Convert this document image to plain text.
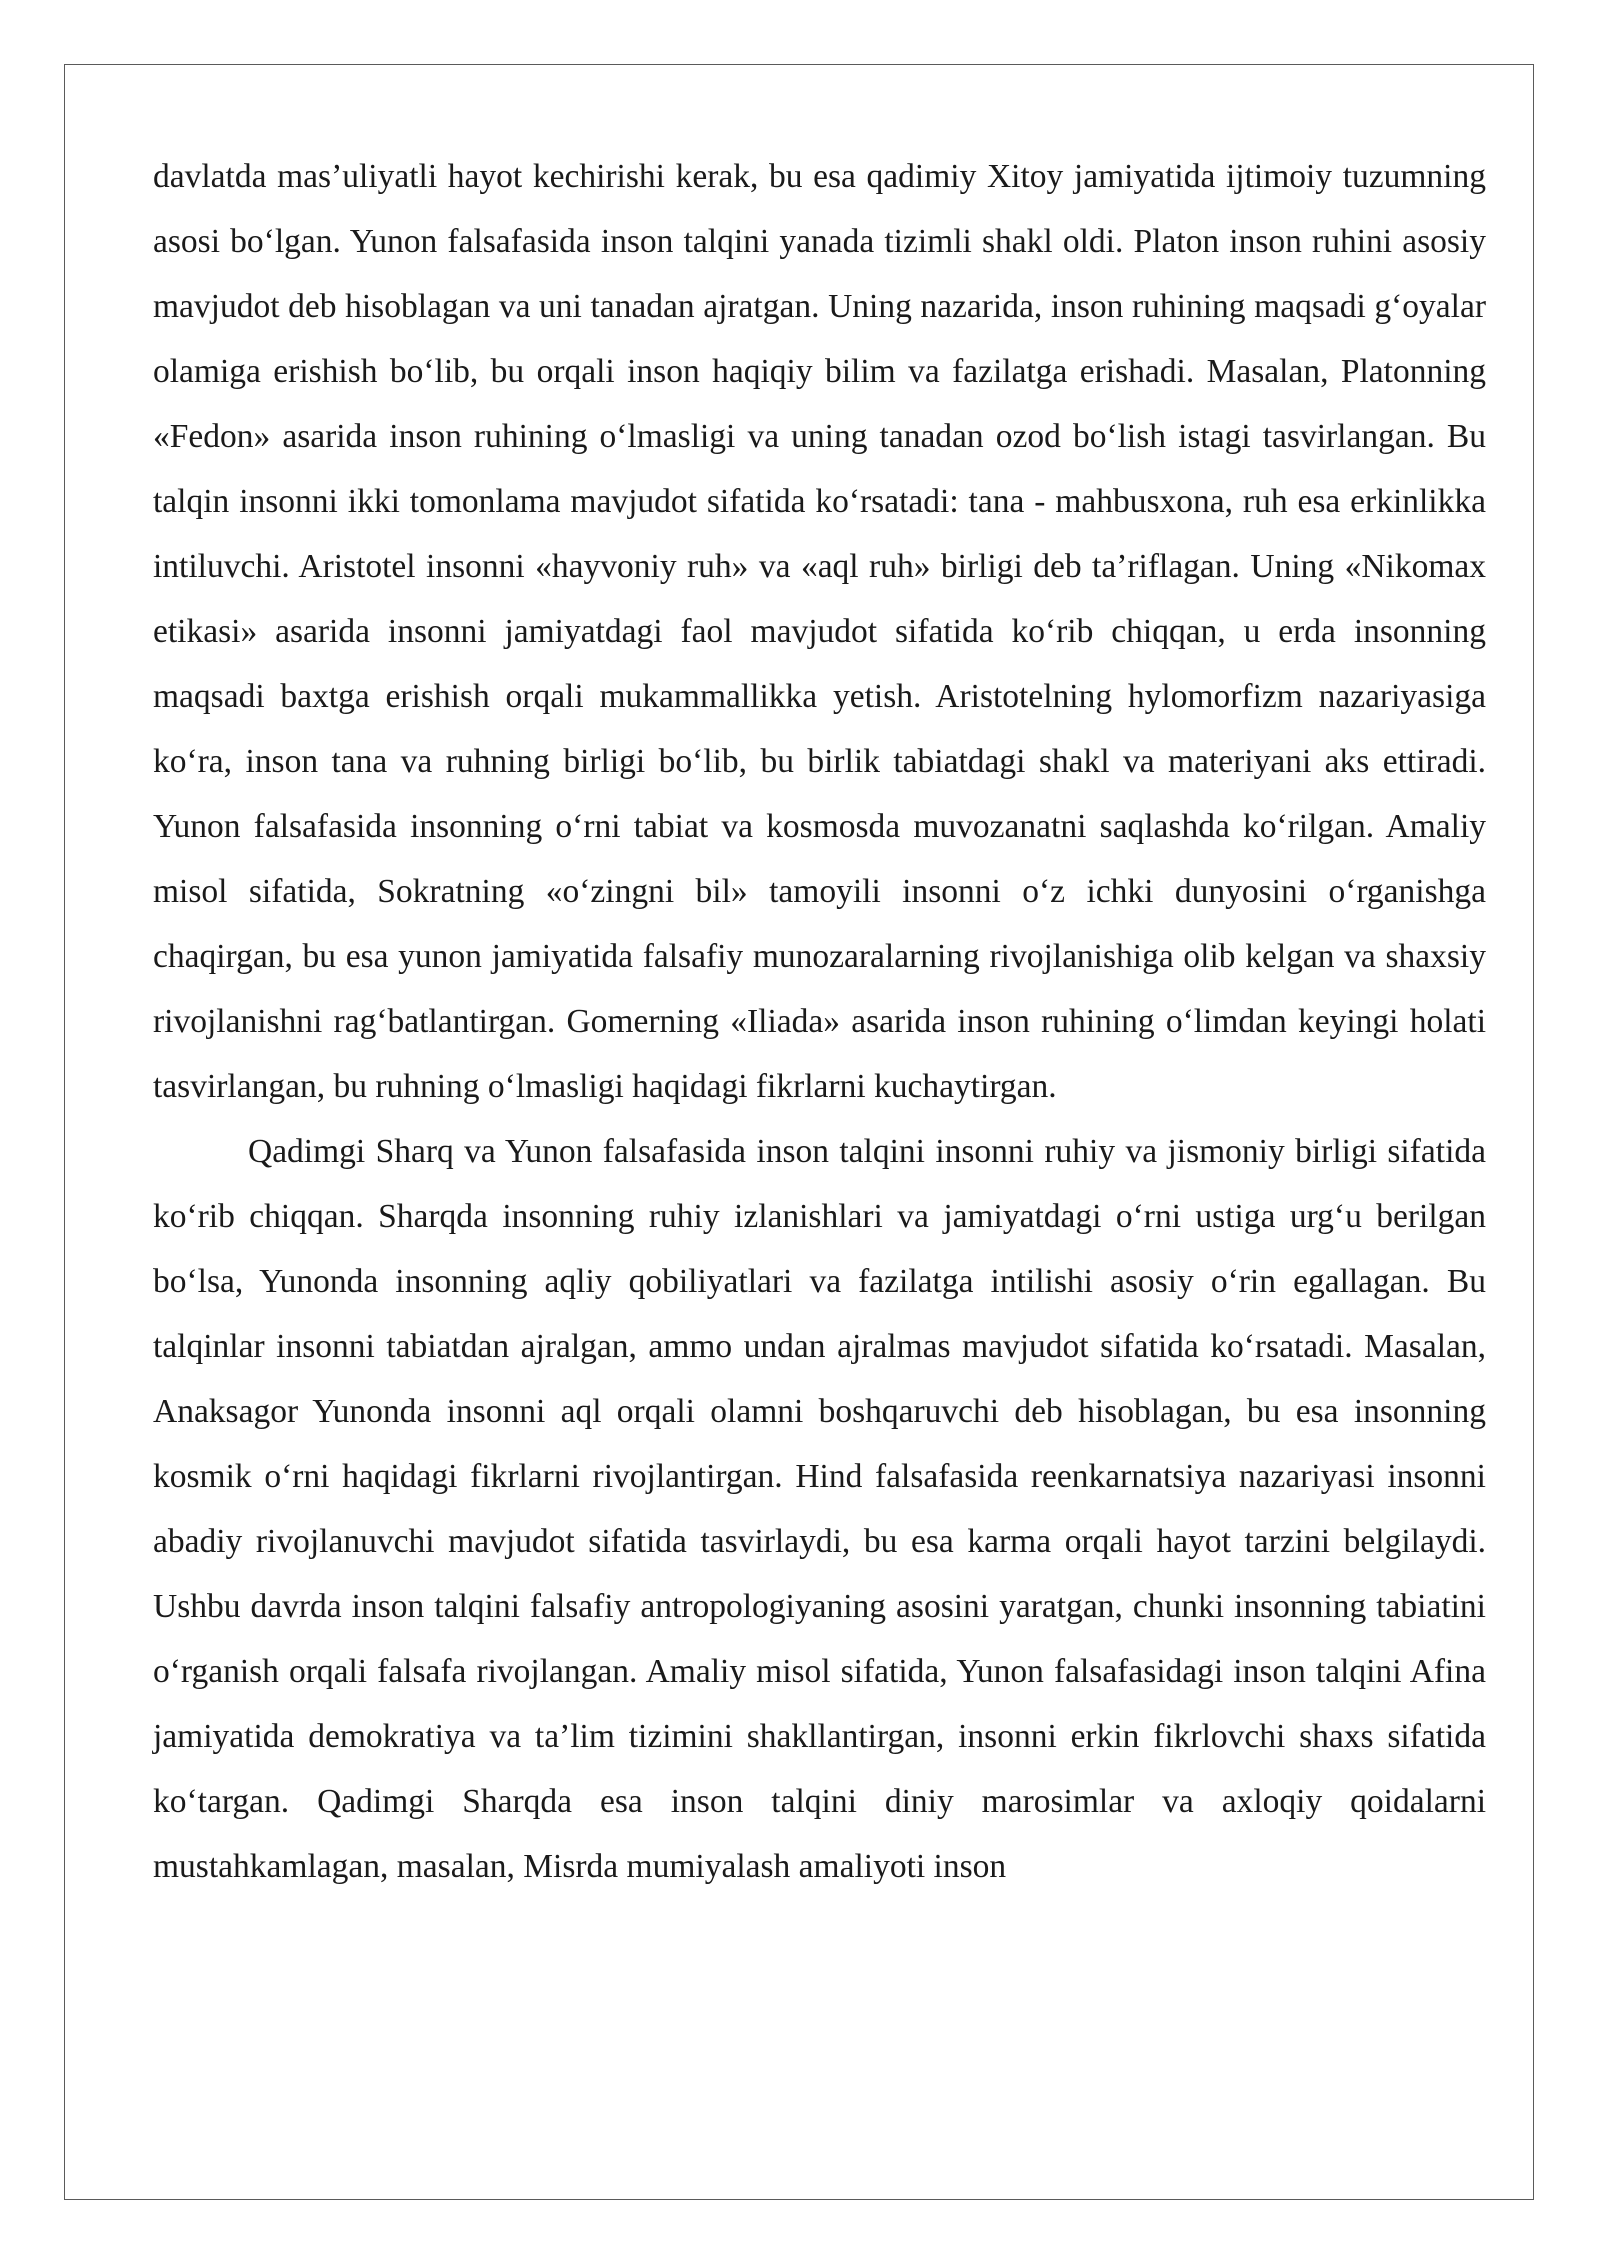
davlatda mas’uliyatli hayot kechirishi kerak, bu esa qadimiy Xitoy jamiyatida ijtimoiy tuzumning asosi bo‘lgan. Yunon falsafasida inson talqini yanada tizimli shakl oldi. Platon inson ruhini asosiy mavjudot deb hisoblagan va uni tanadan ajratgan. Uning nazarida, inson ruhining maqsadi g‘oyalar olamiga erishish bo‘lib, bu orqali inson haqiqiy bilim va fazilatga erishadi. Masalan, Platonning «Fedon» asarida inson ruhining o‘lmasligi va uning tanadan ozod bo‘lish istagi tasvirlangan. Bu talqin insonni ikki tomonlama mavjudot sifatida ko‘rsatadi: tana - mahbusxona, ruh esa erkinlikka intiluvchi. Aristotel insonni «hayvoniy ruh» va «aql ruh» birligi deb ta’riflagan. Uning «Nikomax etikasi» asarida insonni jamiyatdagi faol mavjudot sifatida ko‘rib chiqqan, u erda insonning maqsadi baxtga erishish orqali mukammallikka yetish. Aristotelning hylomorfizm nazariyasiga ko‘ra, inson tana va ruhning birligi bo‘lib, bu birlik tabiatdagi shakl va materiyani aks ettiradi. Yunon falsafasida insonning o‘rni tabiat va kosmosda muvozanatni saqlashda ko‘rilgan. Amaliy misol sifatida, Sokratning «o‘zingni bil» tamoyili insonni o‘z ichki dunyosini o‘rganishga chaqirgan, bu esa yunon jamiyatida falsafiy munozaralarning rivojlanishiga olib kelgan va shaxsiy rivojlanishni rag‘batlantirgan. Gomerning «Iliada» asarida inson ruhining o‘limdan keyingi holati tasvirlangan, bu ruhning o‘lmasligi haqidagi fikrlarni kuchaytirgan.

Qadimgi Sharq va Yunon falsafasida inson talqini insonni ruhiy va jismoniy birligi sifatida ko‘rib chiqqan. Sharqda insonning ruhiy izlanishlari va jamiyatdagi o‘rni ustiga urg‘u berilgan bo‘lsa, Yunonda insonning aqliy qobiliyatlari va fazilatga intilishi asosiy o‘rin egallagan. Bu talqinlar insonni tabiatdan ajralgan, ammo undan ajralmas mavjudot sifatida ko‘rsatadi. Masalan, Anaksagor Yunonda insonni aql orqali olamni boshqaruvchi deb hisoblagan, bu esa insonning kosmik o‘rni haqidagi fikrlarni rivojlantirgan. Hind falsafasida reenkarnatsiya nazariyasi insonni abadiy rivojlanuvchi mavjudot sifatida tasvirlaydi, bu esa karma orqali hayot tarzini belgilaydi. Ushbu davrda inson talqini falsafiy antropologiyaning asosini yaratgan, chunki insonning tabiatini o‘rganish orqali falsafa rivojlangan. Amaliy misol sifatida, Yunon falsafasidagi inson talqini Afina jamiyatida demokratiya va ta’lim tizimini shakllantirgan, insonni erkin fikrlovchi shaxs sifatida ko‘targan. Qadimgi Sharqda esa inson talqini diniy marosimlar va axloqiy qoidalarni mustahkamlagan, masalan, Misrda mumiyalash amaliyoti inson
